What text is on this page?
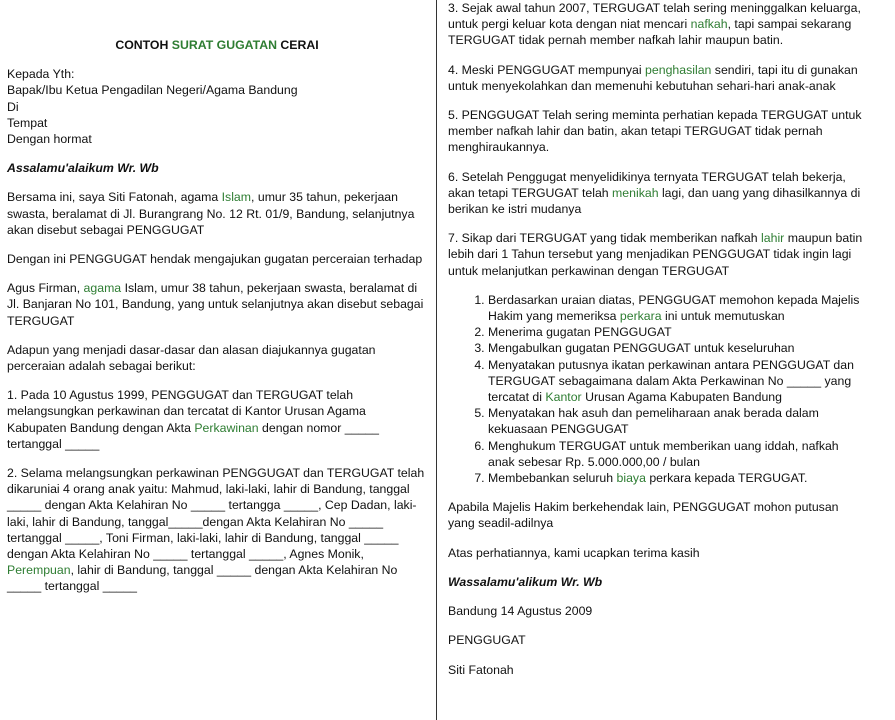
CONTOH SURAT GUGATAN CERAI

Kepada Yth:
Bapak/Ibu Ketua Pengadilan Negeri/Agama Bandung
Di
Tempat
Dengan hormat

Assalamu'alaikum Wr. Wb

Bersama ini, saya Siti Fatonah, agama Islam, umur 35 tahun, pekerjaan swasta, beralamat di Jl. Burangrang No. 12 Rt. 01/9, Bandung, selanjutnya akan disebut sebagai PENGGUGAT

Dengan ini PENGGUGAT hendak mengajukan gugatan perceraian terhadap

Agus Firman, agama Islam, umur 38 tahun, pekerjaan swasta, beralamat di Jl. Banjaran No 101, Bandung, yang untuk selanjutnya akan disebut sebagai TERGUGAT

Adapun yang menjadi dasar-dasar dan alasan diajukannya gugatan perceraian adalah sebagai berikut:

1. Pada 10 Agustus 1999, PENGGUGAT dan TERGUGAT telah melangsungkan perkawinan dan tercatat di Kantor Urusan Agama Kabupaten Bandung dengan Akta Perkawinan dengan nomor _____ tertanggal _____

2. Selama melangsungkan perkawinan PENGGUGAT dan TERGUGAT telah dikaruniai 4 orang anak yaitu: Mahmud, laki-laki, lahir di Bandung, tanggal _____ dengan Akta Kelahiran No _____ tertangga _____, Cep Dadan, laki-laki, lahir di Bandung, tanggal_____dengan Akta Kelahiran No _____ tertanggal _____, Toni Firman, laki-laki, lahir di Bandung, tanggal _____ dengan Akta Kelahiran No _____ tertanggal _____, Agnes Monik, Perempuan, lahir di Bandung, tanggal _____ dengan Akta Kelahiran No _____ tertanggal _____

3. Sejak awal tahun 2007, TERGUGAT telah sering meninggalkan keluarga, untuk pergi keluar kota dengan niat mencari nafkah, tapi sampai sekarang TERGUGAT tidak pernah member nafkah lahir maupun batin.

4. Meski PENGGUGAT mempunyai penghasilan sendiri, tapi itu di gunakan untuk menyekolahkan dan memenuhi kebutuhan sehari-hari anak-anak

5. PENGGUGAT Telah sering meminta perhatian kepada TERGUGAT untuk member nafkah lahir dan batin, akan tetapi TERGUGAT tidak pernah menghiraukannya.

6. Setelah Penggugat menyelidikinya ternyata TERGUGAT telah bekerja, akan tetapi TERGUGAT telah menikah lagi, dan uang yang dihasilkannya di berikan ke istri mudanya

7. Sikap dari TERGUGAT yang tidak memberikan nafkah lahir maupun batin lebih dari 1 Tahun tersebut yang menjadikan PENGGUGAT tidak ingin lagi untuk melanjutkan perkawinan dengan TERGUGAT

1. Berdasarkan uraian diatas, PENGGUGAT memohon kepada Majelis Hakim yang memeriksa perkara ini untuk memutuskan
2. Menerima gugatan PENGGUGAT
3. Mengabulkan gugatan PENGGUGAT untuk keseluruhan
4. Menyatakan putusnya ikatan perkawinan antara PENGGUGAT dan TERGUGAT sebagaimana dalam Akta Perkawinan No _____ yang tercatat di Kantor Urusan Agama Kabupaten Bandung
5. Menyatakan hak asuh dan pemeliharaan anak berada dalam kekuasaan PENGGUGAT
6. Menghukum TERGUGAT untuk memberikan uang iddah, nafkah anak sebesar Rp. 5.000.000,00 / bulan
7. Membebankan seluruh biaya perkara kepada TERGUGAT.

Apabila Majelis Hakim berkehendak lain, PENGGUGAT mohon putusan yang seadil-adilnya

Atas perhatiannya, kami ucapkan terima kasih

Wassalamu'alikum Wr. Wb

Bandung 14 Agustus 2009

PENGGUGAT

Siti Fatonah
